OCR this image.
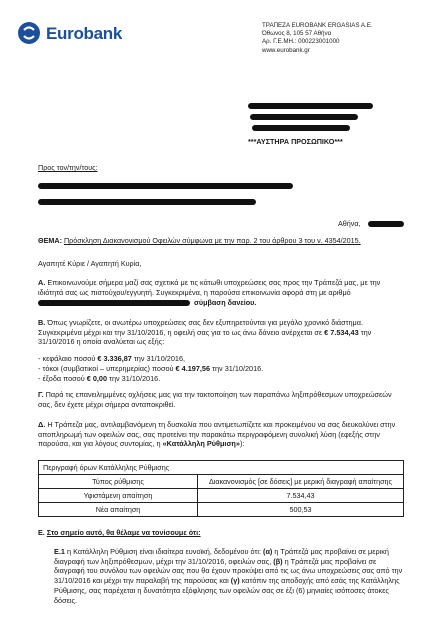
Eurobank	ΤΡΑΠΕΖΑ EUROBANK ERGASIAS A.E.
Όθωνος 8, 105 57 Αθήνα
Αρ. Γ.Ε.ΜΗ.: 000223001000
www.eurobank.gr
***ΑΥΣΤΗΡΑ ΠΡΟΣΩΠΙΚΟ***
Προς τον/την/τους:
Αθήνα,
ΘΕΜΑ: Πρόσκληση Διακανονισμού Οφειλών σύμφωνα με την παρ. 2 του άρθρου 3 του ν. 4354/2015.
Αγαπητέ Κύριε / Αγαπητή Κυρία,

Α. Επικοινωνούμε σήμερα μαζί σας σχετικά με τις κάτωθι υποχρεώσεις σας προς την Τράπεζά μας, με την ιδιότητά σας ως πιστούχου/εγγυητή. Συγκεκριμένα, η παρούσα επικοινωνία αφορά στη με αριθμό

σύμβαση δανείου.

Β. Όπως γνωρίζετε, οι ανωτέρω υποχρεώσεις σας δεν εξυπηρετούνται για μεγάλο χρονικό διάστημα. Συγκεκριμένα μέχρι και την 31/10/2016, η οφειλή σας για το ως άνω δάνειο ανέρχεται σε € 7.534,43 την 31/10/2016 η οποία αναλύεται ως εξής:

- κεφάλαιο ποσού € 3.336,87 την 31/10/2016,

- τόκοι (συμβατικοί – υπερημερίας) ποσού € 4.197,56 την 31/10/2016.

- έξοδα ποσού € 0,00 την 31/10/2016.

Γ. Παρά τις επανειλημμένες οχλήσεις μας για την τακτοποίηση των παραπάνω ληξιπρόθεσμων υποχρεώσεών σας, δεν έχετε μέχρι σήμερα ανταποκριθεί.

Δ. Η Τράπεζα μας, αντιλαμβανόμενη τη δυσκολία που αντιμετωπίζετε και προκειμένου να σας διευκολύνει στην αποπληρωμή των οφειλών σας, σας προτείνει την παρακάτω περιγραφόμενη συνολική λύση (εφεξής στην παρούσα, και για λόγους συντομίας, η «Κατάλληλη Ρύθμιση»):

Περιγραφή όρων Κατάλληλης Ρύθμισης	
Τύπος ρύθμισης	Διακανονισμός [σε δόσεις] με μερική διαγραφή απαίτησης
Υφιστάμενη απαίτηση	7.534,43
Νέα απαίτηση	500,53
Ε. Στο σημείο αυτό, θα θέλαμε να τονίσουμε ότι:

Ε.1 η Κατάλληλη Ρύθμιση είναι ιδιαίτερα ευνοϊκή, δεδομένου ότι: (α) η Τράπεζά μας προβαίνει σε μερική διαγραφή των ληξιπρόθεσμων, μέχρι την 31/10/2016, οφειλών σας, (β) η Τράπεζά μας προβαίνει σε διαγραφή του συνόλου των οφειλών σας που θα έχουν προκύψει από τις ως άνω υποχρεώσεις σας από την 31/10/2016 και μέχρι την παραλαβή της παρούσας και (γ) κατόπιν της αποδοχής από εσάς της Κατάλληλης Ρύθμισης, σας παρέχεται η δυνατότητα εξόφλησης των οφειλών σας σε έξι (6) μηνιαίες ισόποσες άτοκες δόσεις.
